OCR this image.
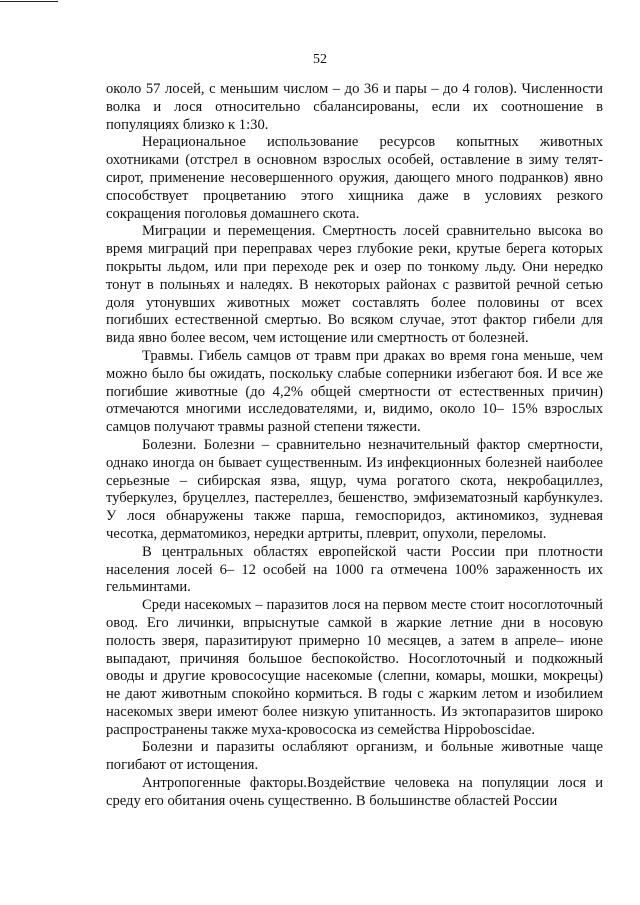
52

около 57 лосей, с меньшим числом – до 36 и пары – до 4 голов). Численности волка и лося относительно сбалансированы, если их соотношение в популяциях близко к 1:30.

Нерациональное использование ресурсов копытных животных охотниками (отстрел в основном взрослых особей, оставление в зиму телят-сирот, применение несовершенного оружия, дающего много подранков) явно способствует процветанию этого хищника даже в условиях резкого сокращения поголовья домашнего скота.

Миграции и перемещения. Смертность лосей сравнительно высока во время миграций при переправах через глубокие реки, крутые берега которых покрыты льдом, или при переходе рек и озер по тонкому льду. Они нередко тонут в полыньях и наледях. В некоторых районах с развитой речной сетью доля утонувших животных может составлять более половины от всех погибших естественной смертью. Во всяком случае, этот фактор гибели для вида явно более весом, чем истощение или смертность от болезней.

Травмы. Гибель самцов от травм при драках во время гона меньше, чем можно было бы ожидать, поскольку слабые соперники избегают боя. И все же погибшие животные (до 4,2% общей смертности от естественных причин) отмечаются многими исследователями, и, видимо, около 10– 15% взрослых самцов получают травмы разной степени тяжести.

Болезни. Болезни – сравнительно незначительный фактор смертности, однако иногда он бывает существенным. Из инфекционных болезней наиболее серьезные – сибирская язва, ящур, чума рогатого скота, некробациллез, туберкулез, бруцеллез, пастереллез, бешенство, эмфизематозный карбункулез. У лося обнаружены также парша, гемоспоридоз, актиномикоз, зудневая чесотка, дерматомикоз, нередки артриты, плеврит, опухоли, переломы.

В центральных областях европейской части России при плотности населения лосей 6– 12 особей на 1000 га отмечена 100% зараженность их гельминтами.

Среди насекомых – паразитов лося на первом месте стоит носоглоточный овод. Его личинки, впрыснутые самкой в жаркие летние дни в носовую полость зверя, паразитируют примерно 10 месяцев, а затем в апреле– июне выпадают, причиняя большое беспокойство. Носоглоточный и подкожный оводы и другие кровососущие насекомые (слепни, комары, мошки, мокрецы) не дают животным спокойно кормиться. В годы с жарким летом и изобилием насекомых звери имеют более низкую упитанность. Из эктопаразитов широко распространены также муха-кровососка из семейства Hippoboscidae.

Болезни и паразиты ослабляют организм, и больные животные чаще погибают от истощения.

Антропогенные факторы.Воздействие человека на популяции лося и среду его обитания очень существенно. В большинстве областей России
